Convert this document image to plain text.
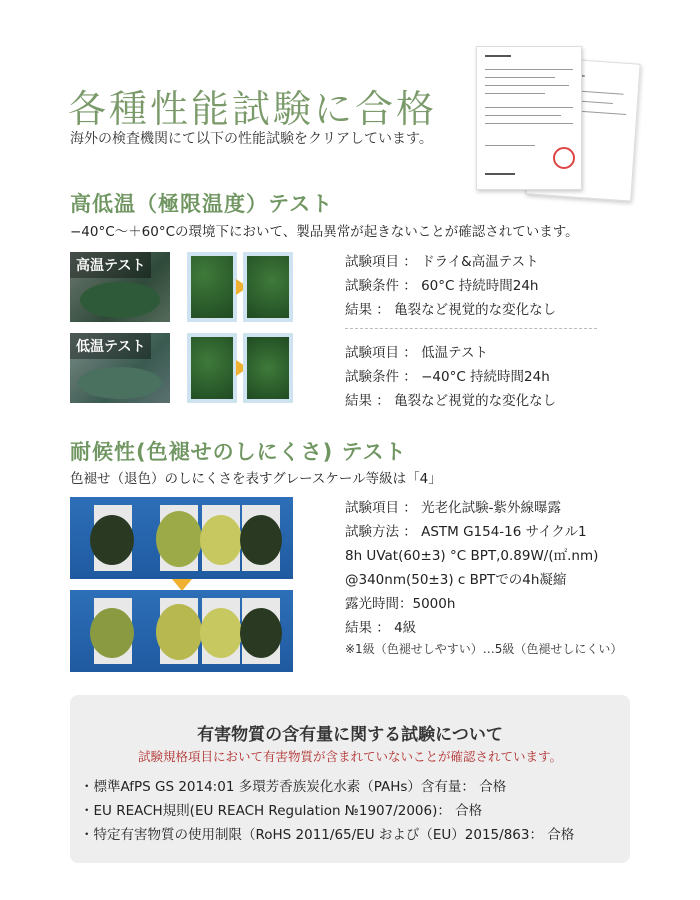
各種性能試験に合格
海外の検査機関にて以下の性能試験をクリアしています。
高低温（極限温度）テスト
−40°C〜＋60°Cの環境下において、製品異常が起きないことが確認されています。
高温テスト
低温テスト
試験項目 ： ドライ&高温テスト
試験条件 ： 60°C 持続時間24h
結果 ： 亀裂など視覚的な変化なし
試験項目 ： 低温テスト
試験条件 ： −40°C 持続時間24h
結果 ： 亀裂など視覚的な変化なし
耐候性(色褪せのしにくさ) テスト
色褪せ（退色）のしにくさを表すグレースケール等級は「4」
試験項目 ： 光老化試験-紫外線曝露
試験方法 ： ASTM G154-16 サイクル1
8h UVat(60±3) °C BPT,0.89W/(㎡.nm)
@340nm(50±3) c BPTでの4h凝縮
露光時間：5000h
結果 ： 4級
※1級（色褪せしやすい）…5級（色褪せしにくい）
有害物質の含有量に関する試験について
試験規格項目において有害物質が含まれていないことが確認されています。
・標準AfPS GS 2014:01 多環芳香族炭化水素（PAHs）含有量： 合格
・EU REACH規則(EU REACH Regulation №1907/2006)： 合格
・特定有害物質の使用制限（RoHS 2011/65/EU および（EU）2015/863： 合格
